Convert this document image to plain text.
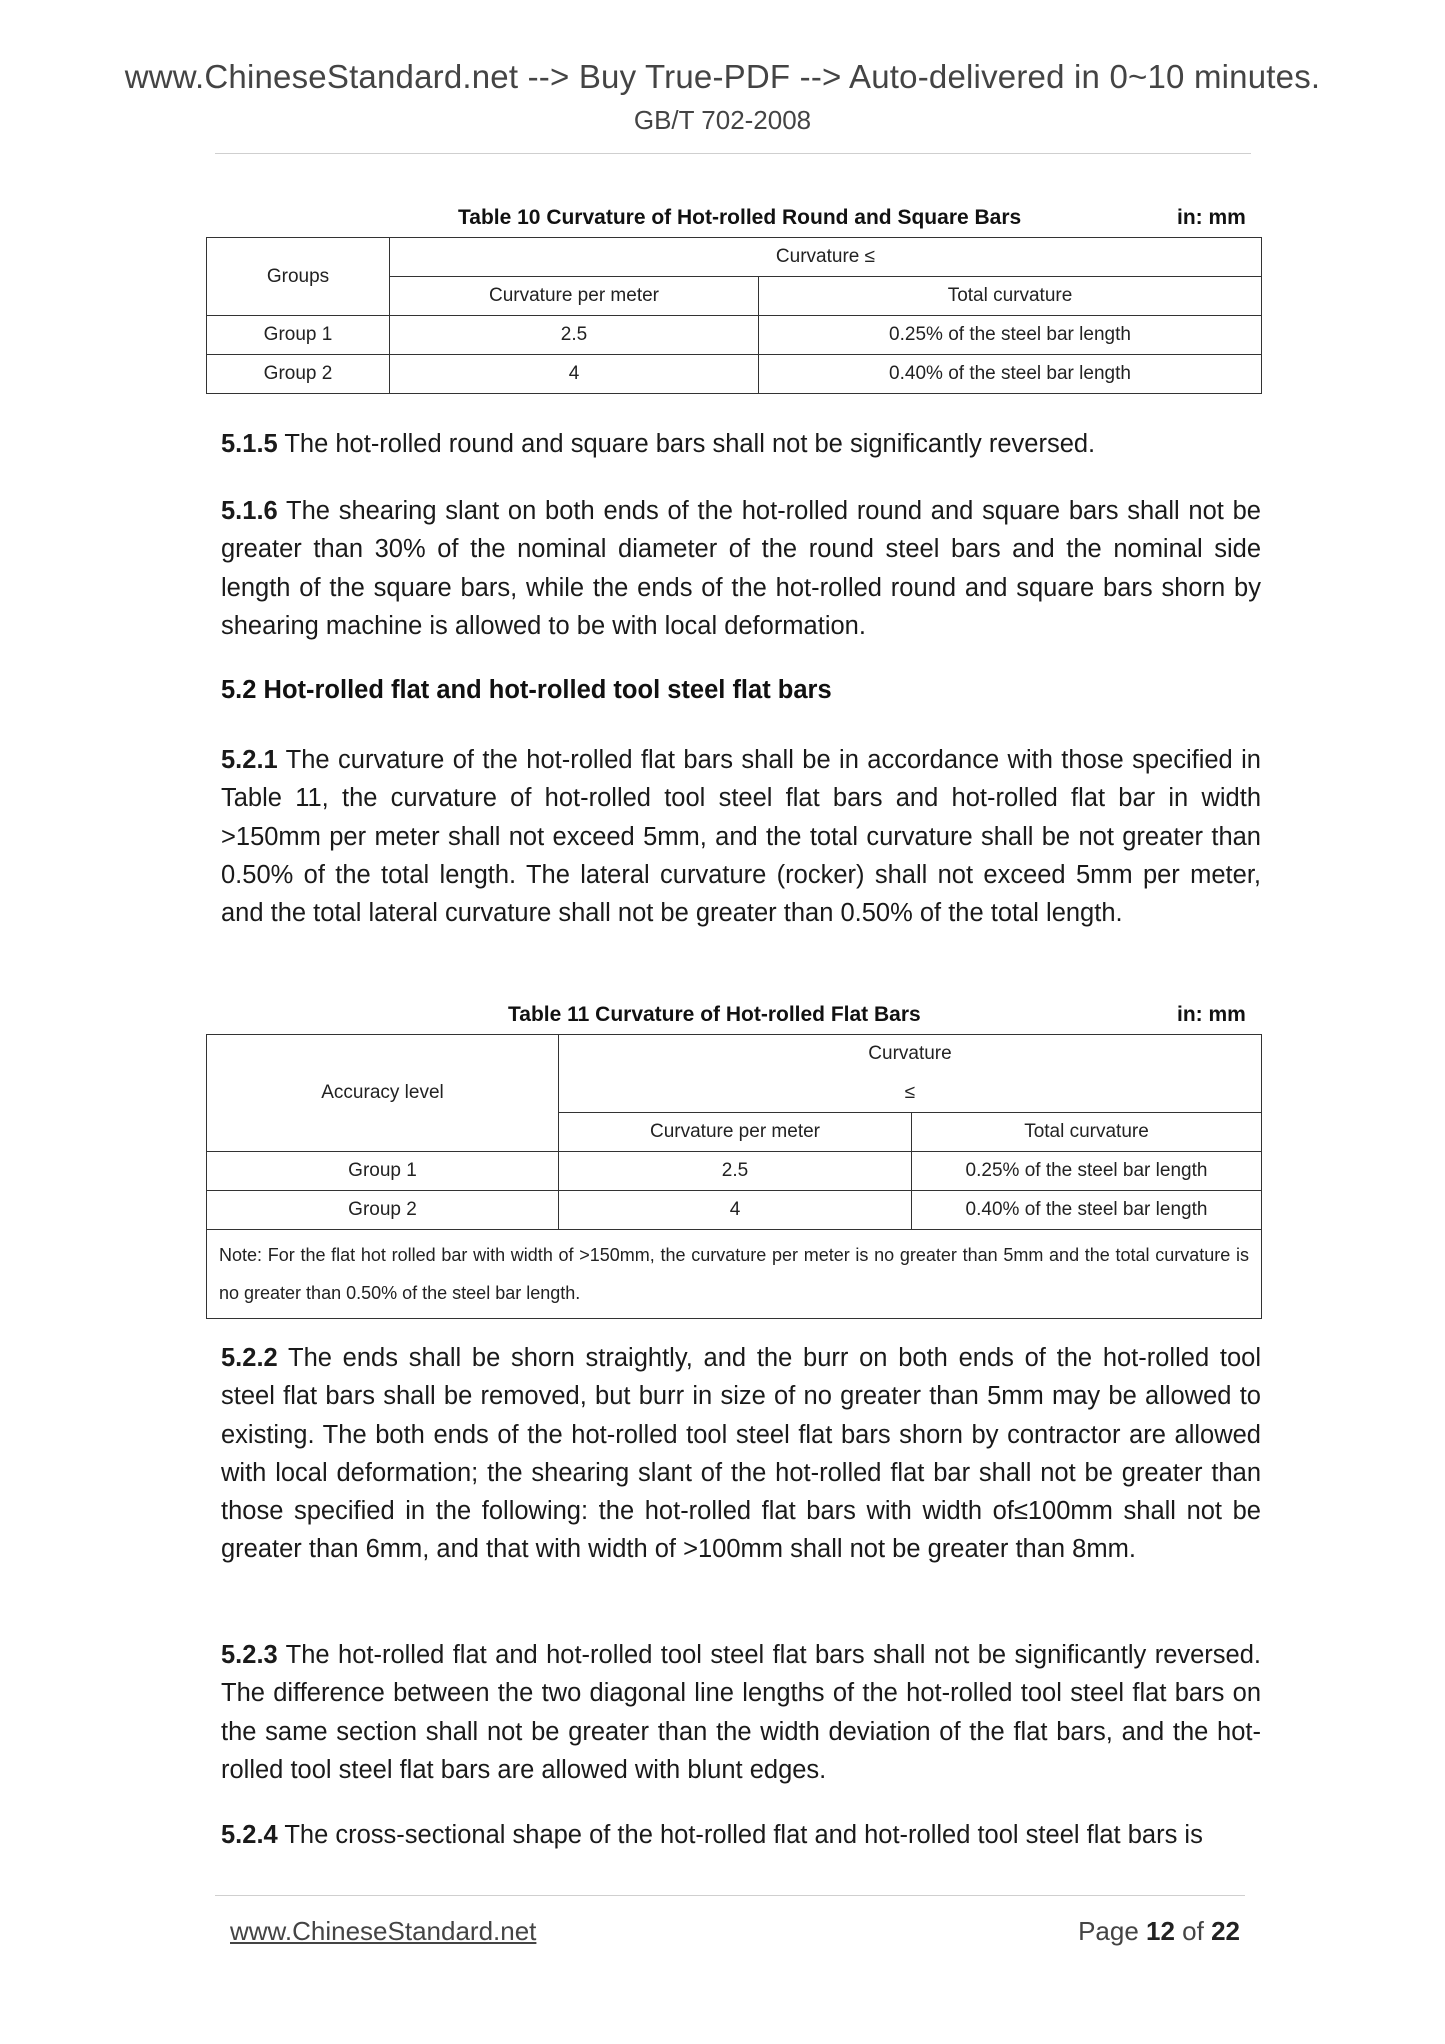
www.ChineseStandard.net --> Buy True-PDF --> Auto-delivered in 0~10 minutes.
GB/T 702-2008
Table 10 Curvature of Hot-rolled Round and Square Bars	in: mm
Groups	Curvature ≤	
	Curvature per meter	Total curvature
Group 1	2.5	0.25% of the steel bar length
Group 2	4	0.40% of the steel bar length
5.1.5 The hot-rolled round and square bars shall not be significantly reversed.
5.1.6 The shearing slant on both ends of the hot-rolled round and square bars shall not be greater than 30% of the nominal diameter of the round steel bars and the nominal side length of the square bars, while the ends of the hot-rolled round and square bars shorn by shearing machine is allowed to be with local deformation.
5.2 Hot-rolled flat and hot-rolled tool steel flat bars
5.2.1 The curvature of the hot-rolled flat bars shall be in accordance with those specified in Table 11, the curvature of hot-rolled tool steel flat bars and hot-rolled flat bar in width >150mm per meter shall not exceed 5mm, and the total curvature shall be not greater than 0.50% of the total length. The lateral curvature (rocker) shall not exceed 5mm per meter, and the total lateral curvature shall not be greater than 0.50% of the total length.
Table 11 Curvature of Hot-rolled Flat Bars	in: mm
Accuracy level	Curvature	
	≤	
	Curvature per meter	Total curvature
Group 1	2.5	0.25% of the steel bar length
Group 2	4	0.40% of the steel bar length
Note: For the flat hot rolled bar with width of >150mm, the curvature per meter is no greater than 5mm and the total curvature is no greater than 0.50% of the steel bar length.		
5.2.2 The ends shall be shorn straightly, and the burr on both ends of the hot-rolled tool steel flat bars shall be removed, but burr in size of no greater than 5mm may be allowed to existing. The both ends of the hot-rolled tool steel flat bars shorn by contractor are allowed with local deformation; the shearing slant of the hot-rolled flat bar shall not be greater than those specified in the following: the hot-rolled flat bars with width of≤100mm shall not be greater than 6mm, and that with width of >100mm shall not be greater than 8mm.
5.2.3 The hot-rolled flat and hot-rolled tool steel flat bars shall not be significantly reversed. The difference between the two diagonal line lengths of the hot-rolled tool steel flat bars on the same section shall not be greater than the width deviation of the flat bars, and the hot-rolled tool steel flat bars are allowed with blunt edges.
5.2.4 The cross-sectional shape of the hot-rolled flat and hot-rolled tool steel flat bars is
www.ChineseStandard.net	Page 12 of 22
